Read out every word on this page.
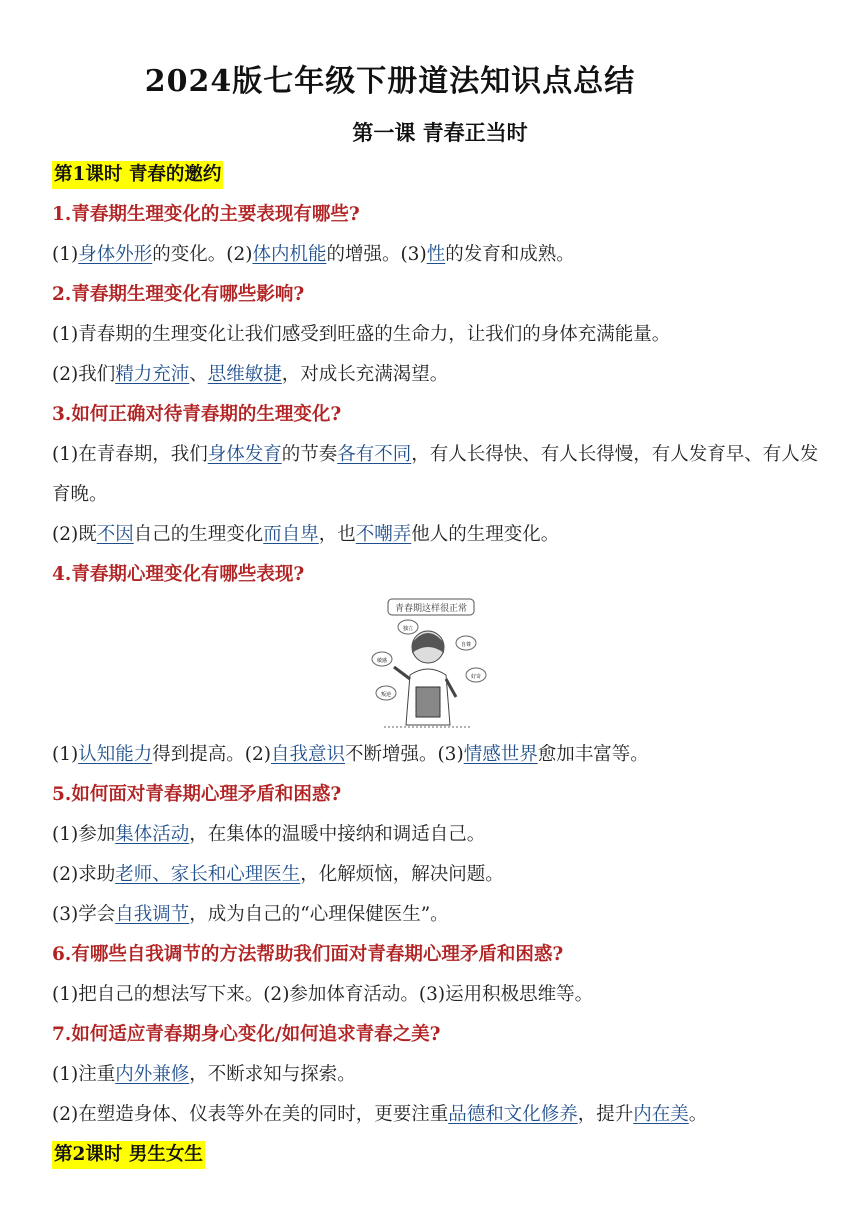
2024版七年级下册道法知识点总结
第一课 青春正当时
第1课时 青春的邀约
1.青春期生理变化的主要表现有哪些?
(1)身体外形的变化。(2)体内机能的增强。(3)性的发育和成熟。
2.青春期生理变化有哪些影响?
(1)青春期的生理变化让我们感受到旺盛的生命力，让我们的身体充满能量。
(2)我们精力充沛、思维敏捷，对成长充满渴望。
3.如何正确对待青春期的生理变化?
(1)在青春期，我们身体发育的节奏各有不同，有人长得快、有人长得慢，有人发育早、有人发育晚。
(2)既不因自己的生理变化而自卑，也不嘲弄他人的生理变化。
4.青春期心理变化有哪些表现?
青春期这样很正常
独立
自尊
敏感
好奇
叛逆
(1)认知能力得到提高。(2)自我意识不断增强。(3)情感世界愈加丰富等。
5.如何面对青春期心理矛盾和困惑?
(1)参加集体活动，在集体的温暖中接纳和调适自己。
(2)求助老师、家长和心理医生，化解烦恼，解决问题。
(3)学会自我调节，成为自己的“心理保健医生”。
6.有哪些自我调节的方法帮助我们面对青春期心理矛盾和困惑?
(1)把自己的想法写下来。(2)参加体育活动。(3)运用积极思维等。
7.如何适应青春期身心变化/如何追求青春之美?
(1)注重内外兼修，不断求知与探索。
(2)在塑造身体、仪表等外在美的同时，更要注重品德和文化修养，提升内在美。
第2课时 男生女生
